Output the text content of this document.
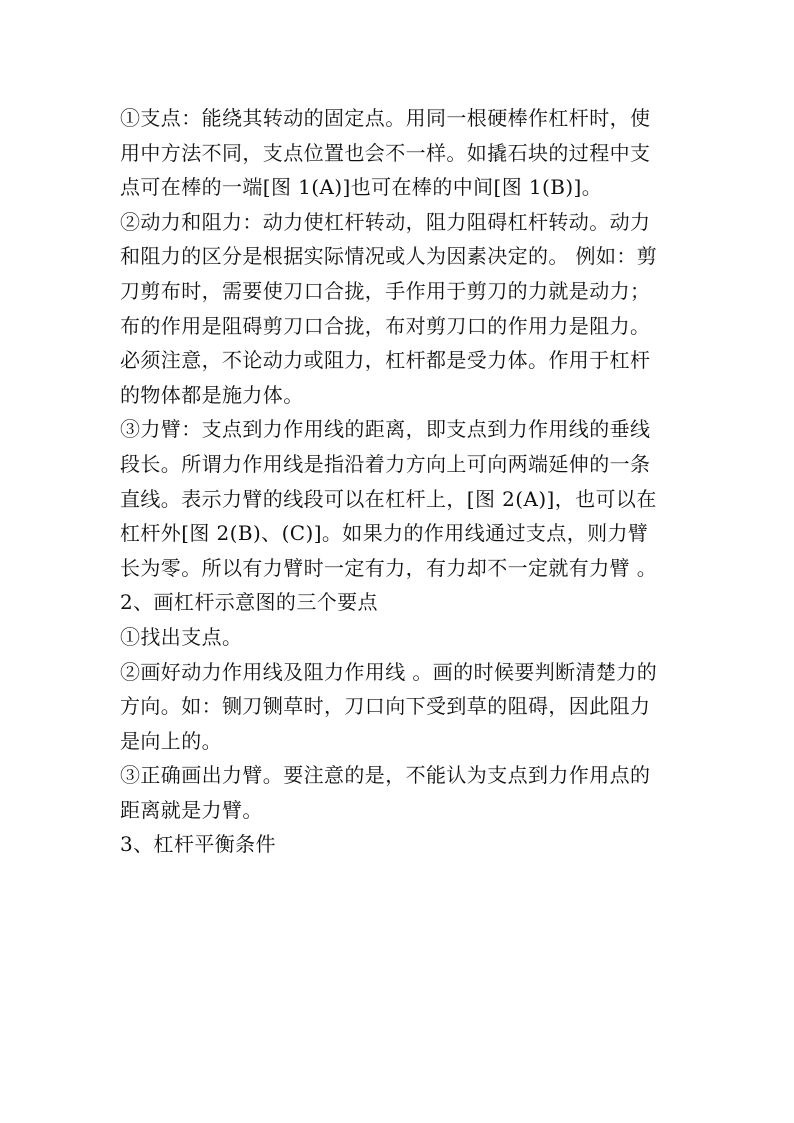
①支点：能绕其转动的固定点。用同一根硬棒作杠杆时，使
用中方法不同，支点位置也会不一样。如撬石块的过程中支
点可在棒的一端[图 1(A)]也可在棒的中间[图 1(B)]。
②动力和阻力：动力使杠杆转动，阻力阻碍杠杆转动。动力
和阻力的区分是根据实际情况或人为因素决定的。 例如：剪
刀剪布时，需要使刀口合拢，手作用于剪刀的力就是动力；
布的作用是阻碍剪刀口合拢，布对剪刀口的作用力是阻力。
必须注意，不论动力或阻力，杠杆都是受力体。作用于杠杆
的物体都是施力体。
③力臂：支点到力作用线的距离，即支点到力作用线的垂线
段长。所谓力作用线是指沿着力方向上可向两端延伸的一条
直线。表示力臂的线段可以在杠杆上，[图 2(A)]，也可以在
杠杆外[图 2(B)、(C)]。如果力的作用线通过支点，则力臂
长为零。所以有力臂时一定有力，有力却不一定就有力臂 。
2、画杠杆示意图的三个要点
①找出支点。
②画好动力作用线及阻力作用线 。画的时候要判断清楚力的
方向。如：铡刀铡草时，刀口向下受到草的阻碍，因此阻力
是向上的。
③正确画出力臂。要注意的是，不能认为支点到力作用点的
距离就是力臂。
3、杠杆平衡条件
